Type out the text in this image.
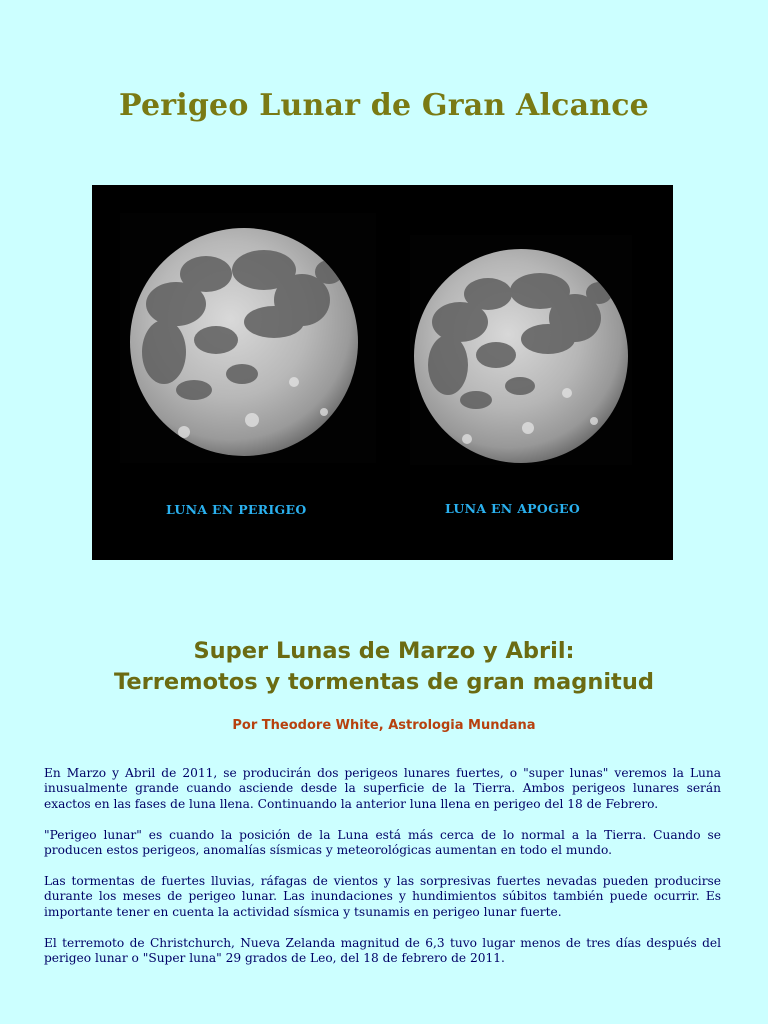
Perigeo Lunar de Gran Alcance
LUNA EN PERIGEO	LUNA EN APOGEO
Super Lunas de Marzo y Abril:
Terremotos y tormentas de gran magnitud

Por Theodore White, Astrologia Mundana

En Marzo y Abril de 2011, se producirán dos perigeos lunares fuertes, o "super lunas" veremos la Luna inusualmente grande cuando asciende desde la superficie de la Tierra. Ambos perigeos lunares serán exactos en las fases de luna llena. Continuando la anterior luna llena en perigeo del 18 de Febrero.

"Perigeo lunar" es cuando la posición de la Luna está más cerca de lo normal a la Tierra. Cuando se producen estos perigeos, anomalías sísmicas y meteorológicas aumentan en todo el mundo.

Las tormentas de fuertes lluvias, ráfagas de vientos y las sorpresivas fuertes nevadas pueden producirse durante los meses de perigeo lunar. Las inundaciones y hundimientos súbitos también puede ocurrir. Es importante tener en cuenta la actividad sísmica y tsunamis en perigeo lunar fuerte.

El terremoto de Christchurch, Nueva Zelanda magnitud de 6,3 tuvo lugar menos de tres días después del perigeo lunar o "Super luna" 29 grados de Leo, del 18 de febrero de 2011.
